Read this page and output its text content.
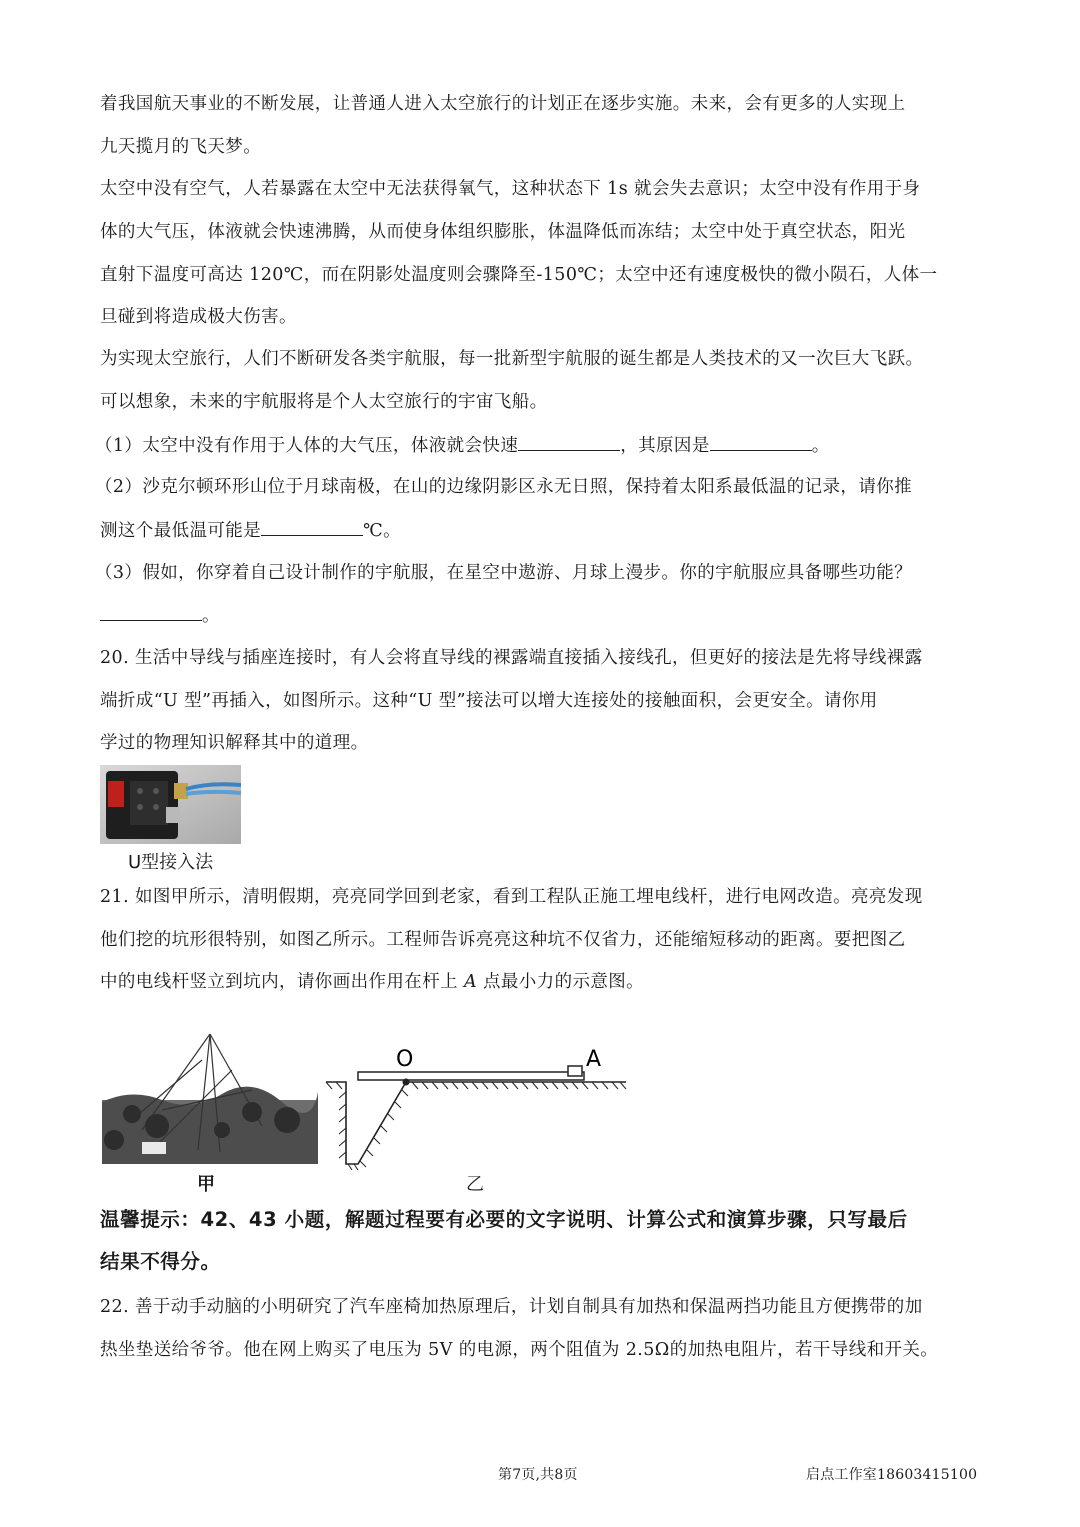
着我国航天事业的不断发展，让普通人进入太空旅行的计划正在逐步实施。未来，会有更多的人实现上
九天揽月的飞天梦。
太空中没有空气，人若暴露在太空中无法获得氧气，这种状态下 1s 就会失去意识；太空中没有作用于身
体的大气压，体液就会快速沸腾，从而使身体组织膨胀，体温降低而冻结；太空中处于真空状态，阳光
直射下温度可高达 120℃，而在阴影处温度则会骤降至-150℃；太空中还有速度极快的微小陨石，人体一
旦碰到将造成极大伤害。
为实现太空旅行，人们不断研发各类宇航服，每一批新型宇航服的诞生都是人类技术的又一次巨大飞跃。
可以想象，未来的宇航服将是个人太空旅行的宇宙飞船。
（1）太空中没有作用于人体的大气压，体液就会快速	，其原因是	。
（2）沙克尔顿环形山位于月球南极，在山的边缘阴影区永无日照，保持着太阳系最低温的记录，请你推
测这个最低温可能是	℃。
（3）假如，你穿着自己设计制作的宇航服，在星空中遨游、月球上漫步。你的宇航服应具备哪些功能？
。
20. 生活中导线与插座连接时，有人会将直导线的裸露端直接插入接线孔，但更好的接法是先将导线裸露
端折成“U 型”再插入，如图所示。这种“U 型”接法可以增大连接处的接触面积，会更安全。请你用
学过的物理知识解释其中的道理。
U型接入法
21. 如图甲所示，清明假期，亮亮同学回到老家，看到工程队正施工埋电线杆，进行电网改造。亮亮发现
他们挖的坑形很特别，如图乙所示。工程师告诉亮亮这种坑不仅省力，还能缩短移动的距离。要把图乙
中的电线杆竖立到坑内，请你画出作用在杆上 A 点最小力的示意图。
O	A
甲	乙
温馨提示：42、43 小题，解题过程要有必要的文字说明、计算公式和演算步骤，只写最后
结果不得分。
22. 善于动手动脑的小明研究了汽车座椅加热原理后，计划自制具有加热和保温两挡功能且方便携带的加
热坐垫送给爷爷。他在网上购买了电压为 5V 的电源，两个阻值为 2.5Ω的加热电阻片，若干导线和开关。
第7页,共8页	启点工作室18603415100
